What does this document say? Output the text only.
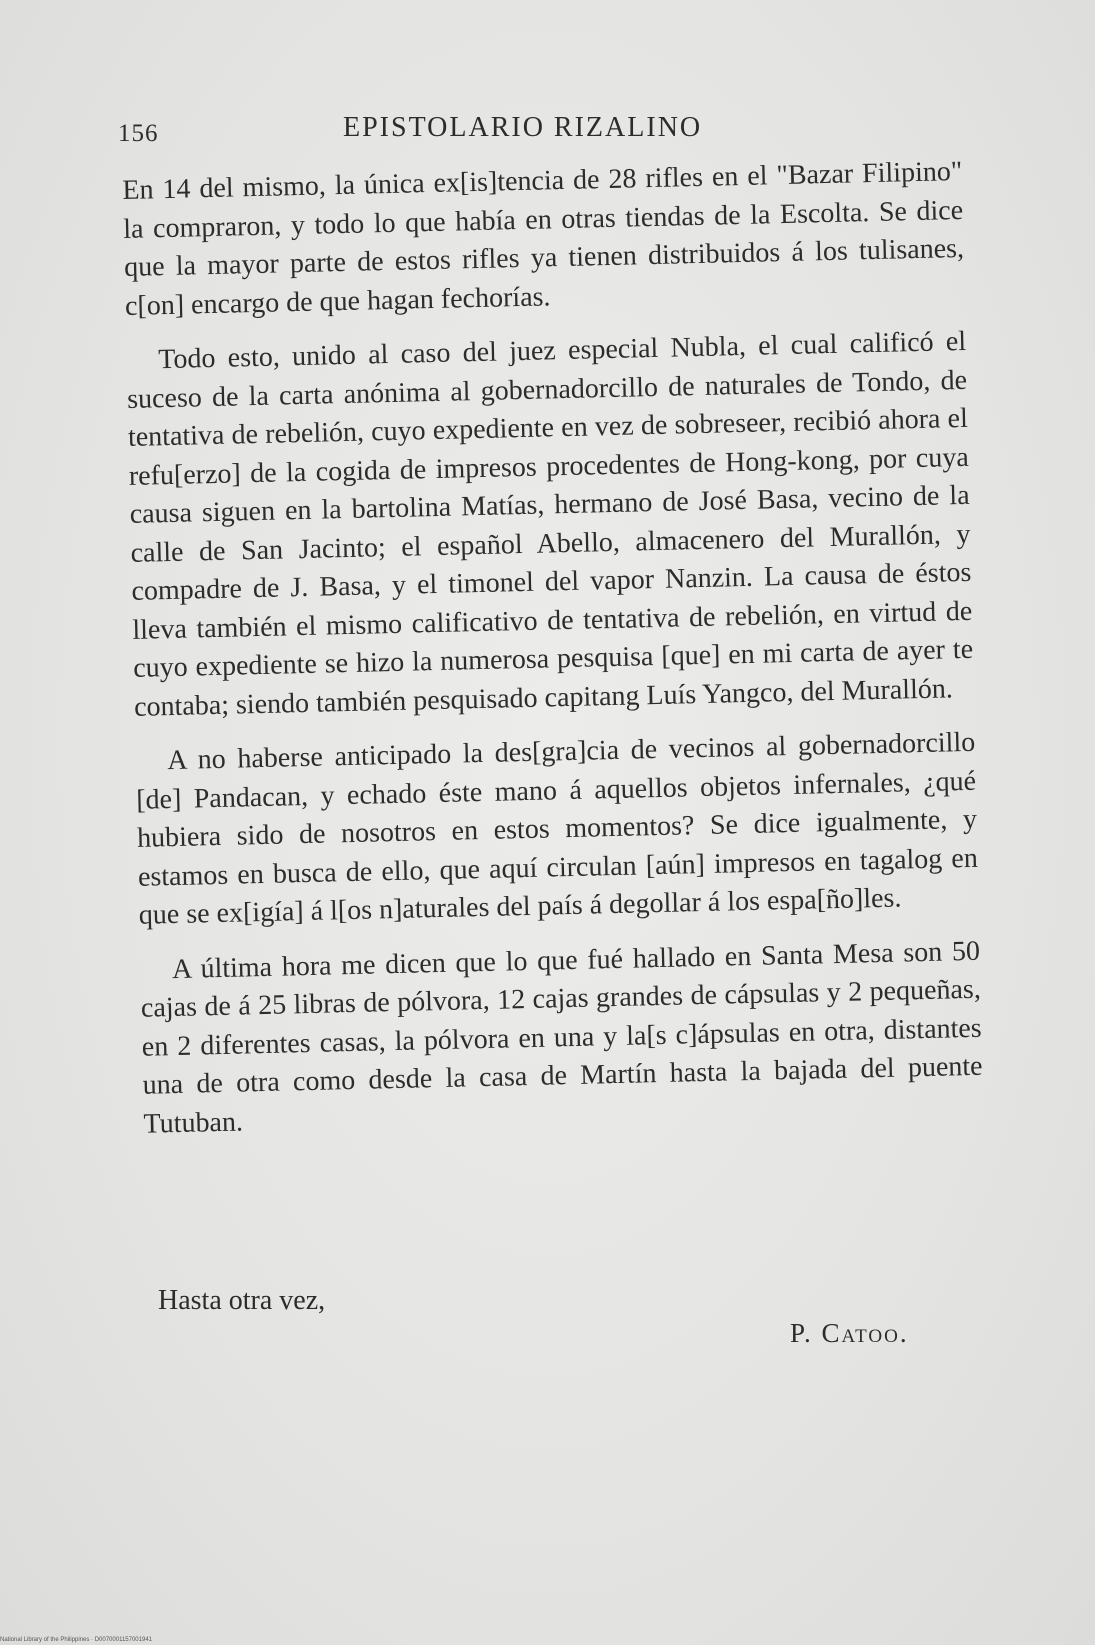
156	EPISTOLARIO RIZALINO

En 14 del mismo, la única ex[is]tencia de 28 rifles en el "Bazar Filipino" la compraron, y todo lo que había en otras tiendas de la Escolta. Se dice que la mayor parte de estos rifles ya tienen distribuidos á los tulisanes, c[on] encargo de que hagan fechorías.

Todo esto, unido al caso del juez especial Nubla, el cual calificó el suceso de la carta anónima al gobernadorcillo de naturales de Tondo, de tentativa de rebelión, cuyo expediente en vez de sobreseer, recibió ahora el refu[erzo] de la cogida de impresos procedentes de Hong-kong, por cuya causa siguen en la bartolina Matías, hermano de José Basa, vecino de la calle de San Jacinto; el español Abello, almacenero del Murallón, y compadre de J. Basa, y el timonel del vapor Nanzin. La causa de éstos lleva también el mismo calificativo de tentativa de rebelión, en virtud de cuyo expediente se hizo la numerosa pesquisa [que] en mi carta de ayer te contaba; siendo también pesquisado capitang Luís Yangco, del Murallón.

A no haberse anticipado la des[gra]cia de vecinos al gobernadorcillo [de] Pandacan, y echado éste mano á aquellos objetos infernales, ¿qué hubiera sido de nosotros en estos momentos? Se dice igualmente, y estamos en busca de ello, que aquí circulan [aún] impresos en tagalog en que se ex[igía] á l[os n]aturales del país á degollar á los espa[ño]les.

A última hora me dicen que lo que fué hallado en Santa Mesa son 50 cajas de á 25 libras de pólvora, 12 cajas grandes de cápsulas y 2 pequeñas, en 2 diferentes casas, la pólvora en una y la[s c]ápsulas en otra, distantes una de otra como desde la casa de Martín hasta la bajada del puente Tutuban.

Hasta otra vez,
P. Catoo.
National Library of the Philippines · D0070001157001941
